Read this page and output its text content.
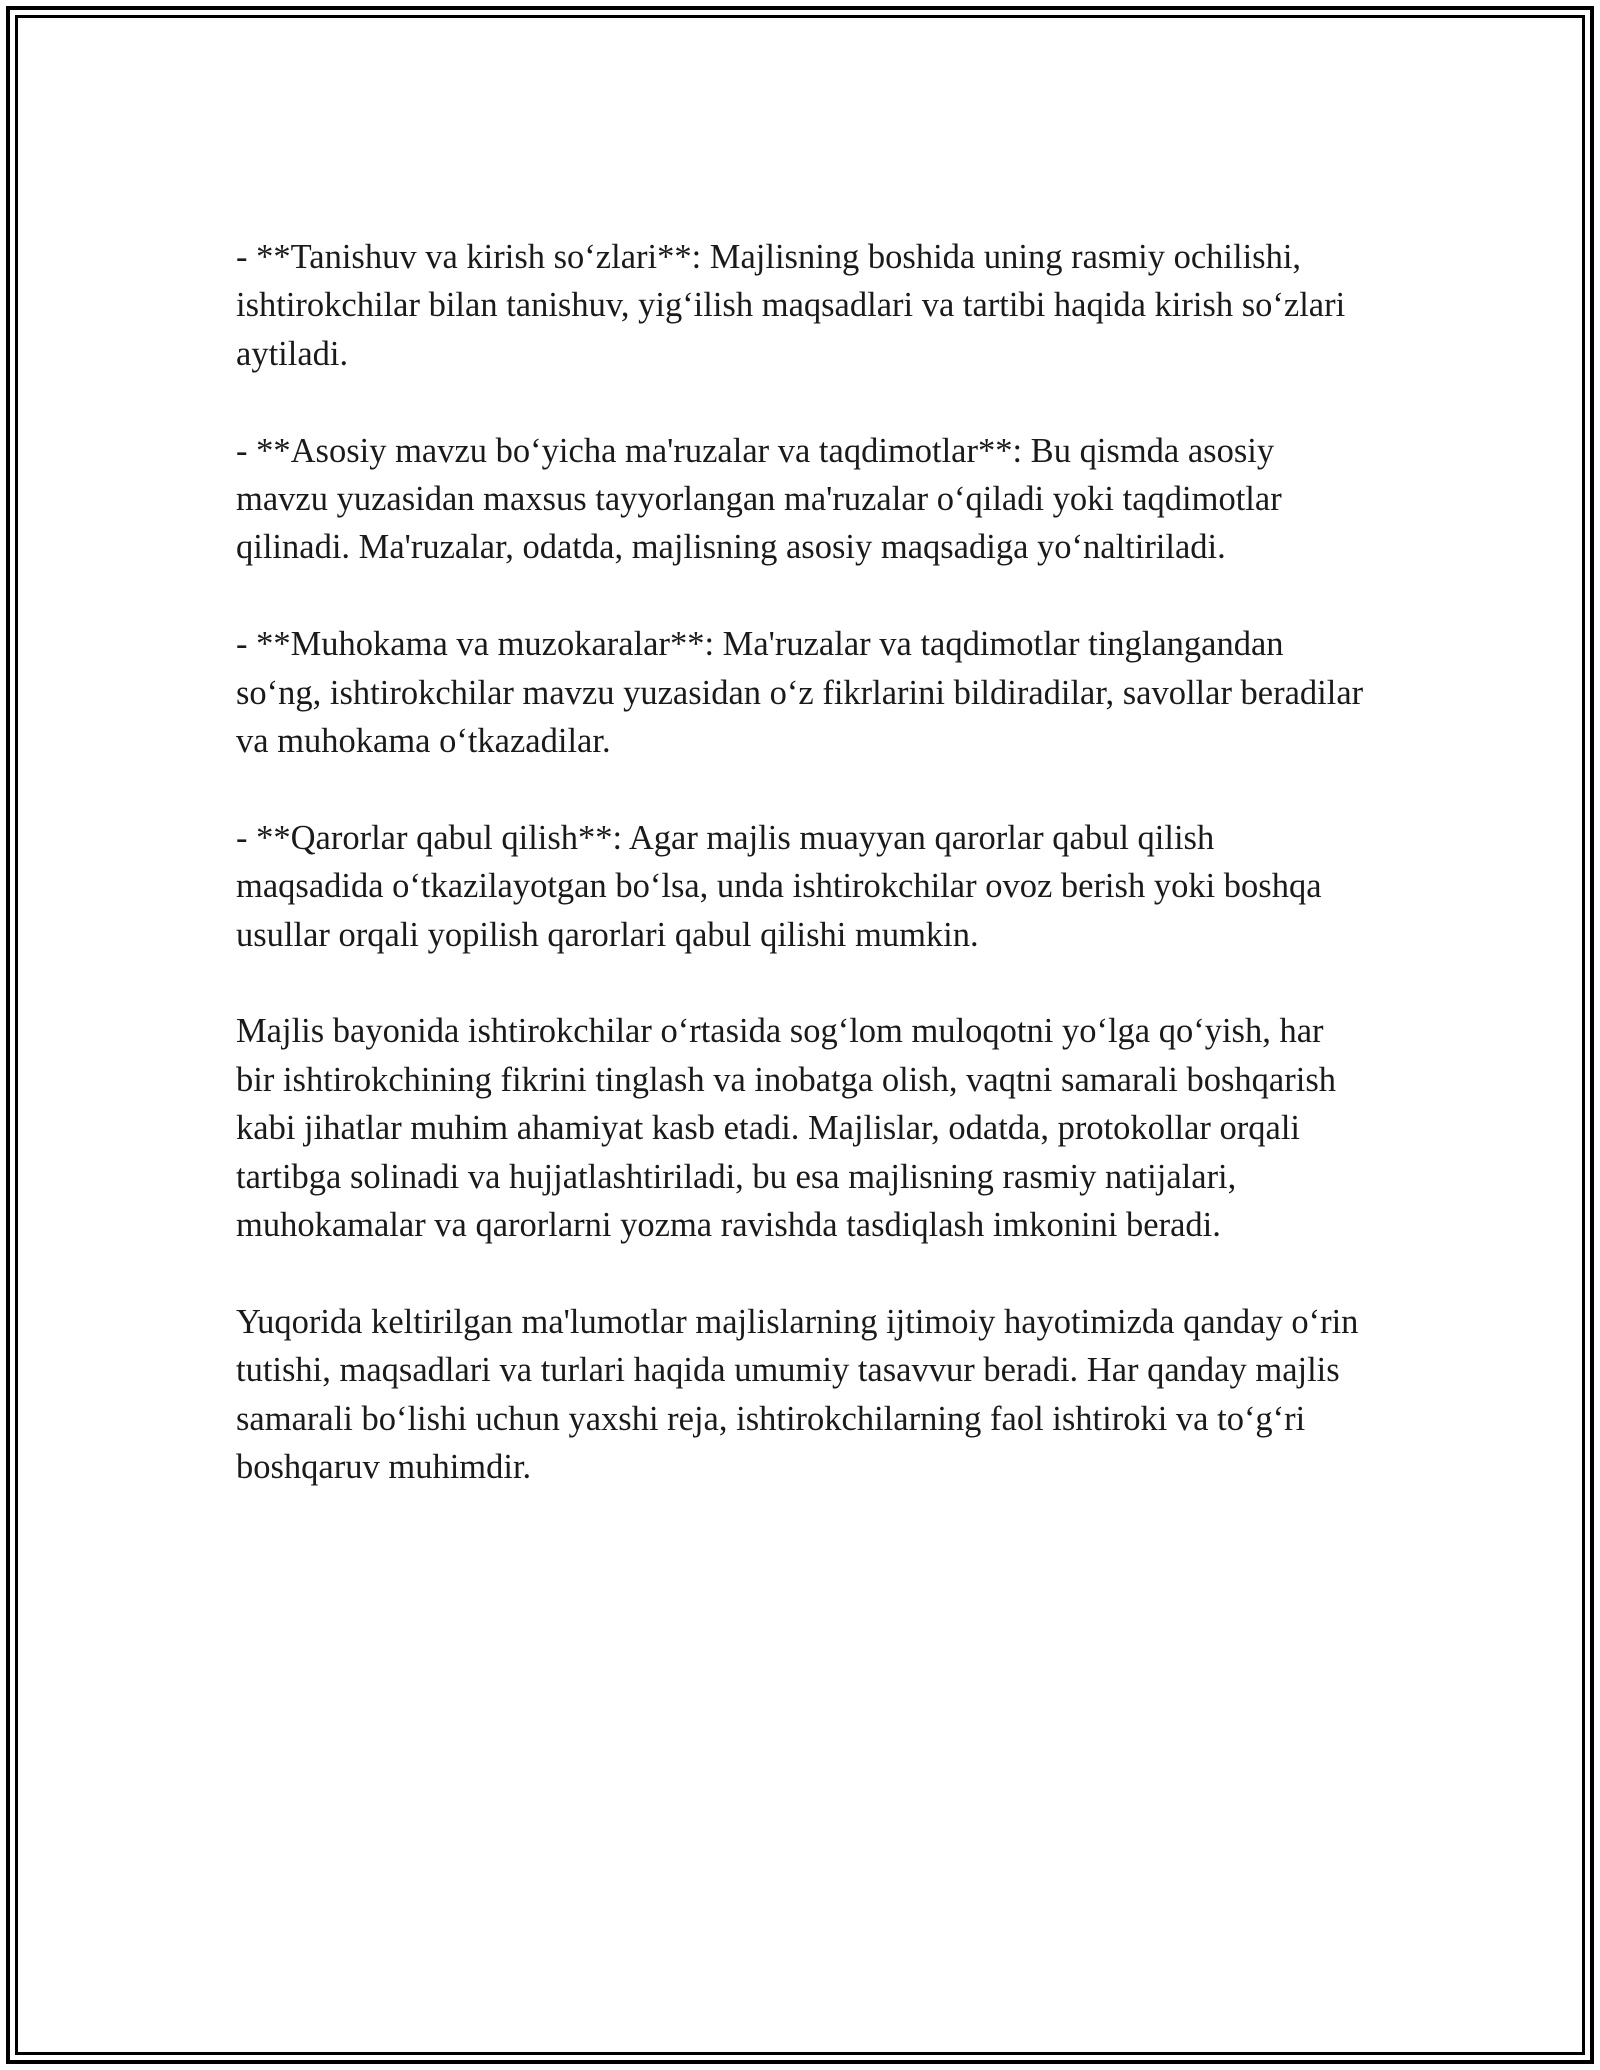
- **Tanishuv va kirish so‘zlari**: Majlisning boshida uning rasmiy ochilishi, ishtirokchilar bilan tanishuv, yig‘ilish maqsadlari va tartibi haqida kirish so‘zlari aytiladi.

- **Asosiy mavzu bo‘yicha ma'ruzalar va taqdimotlar**: Bu qismda asosiy mavzu yuzasidan maxsus tayyorlangan ma'ruzalar o‘qiladi yoki taqdimotlar qilinadi. Ma'ruzalar, odatda, majlisning asosiy maqsadiga yo‘naltiriladi.

- **Muhokama va muzokaralar**: Ma'ruzalar va taqdimotlar tinglangandan so‘ng, ishtirokchilar mavzu yuzasidan o‘z fikrlarini bildiradilar, savollar beradilar va muhokama o‘tkazadilar.

- **Qarorlar qabul qilish**: Agar majlis muayyan qarorlar qabul qilish maqsadida o‘tkazilayotgan bo‘lsa, unda ishtirokchilar ovoz berish yoki boshqa usullar orqali yopilish qarorlari qabul qilishi mumkin.

Majlis bayonida ishtirokchilar o‘rtasida sog‘lom muloqotni yo‘lga qo‘yish, har bir ishtirokchining fikrini tinglash va inobatga olish, vaqtni samarali boshqarish kabi jihatlar muhim ahamiyat kasb etadi. Majlislar, odatda, protokollar orqali tartibga solinadi va hujjatlashtiriladi, bu esa majlisning rasmiy natijalari, muhokamalar va qarorlarni yozma ravishda tasdiqlash imkonini beradi.

Yuqorida keltirilgan ma'lumotlar majlislarning ijtimoiy hayotimizda qanday o‘rin tutishi, maqsadlari va turlari haqida umumiy tasavvur beradi. Har qanday majlis samarali bo‘lishi uchun yaxshi reja, ishtirokchilarning faol ishtiroki va to‘g‘ri boshqaruv muhimdir.
